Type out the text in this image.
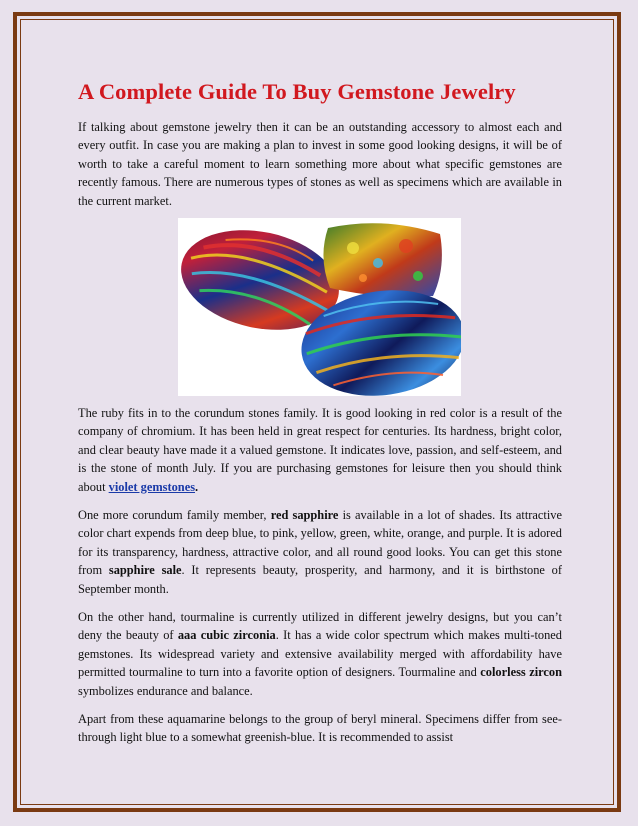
A Complete Guide To Buy Gemstone Jewelry

If talking about gemstone jewelry then it can be an outstanding accessory to almost each and every outfit. In case you are making a plan to invest in some good looking designs, it will be of worth to take a careful moment to learn something more about what specific gemstones are recently famous. There are numerous types of stones as well as specimens which are available in the current market.

The ruby fits in to the corundum stones family. It is good looking in red color is a result of the company of chromium. It has been held in great respect for centuries. Its hardness, bright color, and clear beauty have made it a valued gemstone. It indicates love, passion, and self-esteem, and is the stone of month July. If you are purchasing gemstones for leisure then you should think about violet gemstones.

One more corundum family member, red sapphire is available in a lot of shades. Its attractive color chart expends from deep blue, to pink, yellow, green, white, orange, and purple. It is adored for its transparency, hardness, attractive color, and all round good looks. You can get this stone from sapphire sale. It represents beauty, prosperity, and harmony, and it is birthstone of September month.

On the other hand, tourmaline is currently utilized in different jewelry designs, but you can’t deny the beauty of aaa cubic zirconia. It has a wide color spectrum which makes multi-toned gemstones. Its widespread variety and extensive availability merged with affordability have permitted tourmaline to turn into a favorite option of designers. Tourmaline and colorless zircon symbolizes endurance and balance.

Apart from these aquamarine belongs to the group of beryl mineral. Specimens differ from see-through light blue to a somewhat greenish-blue. It is recommended to assist
